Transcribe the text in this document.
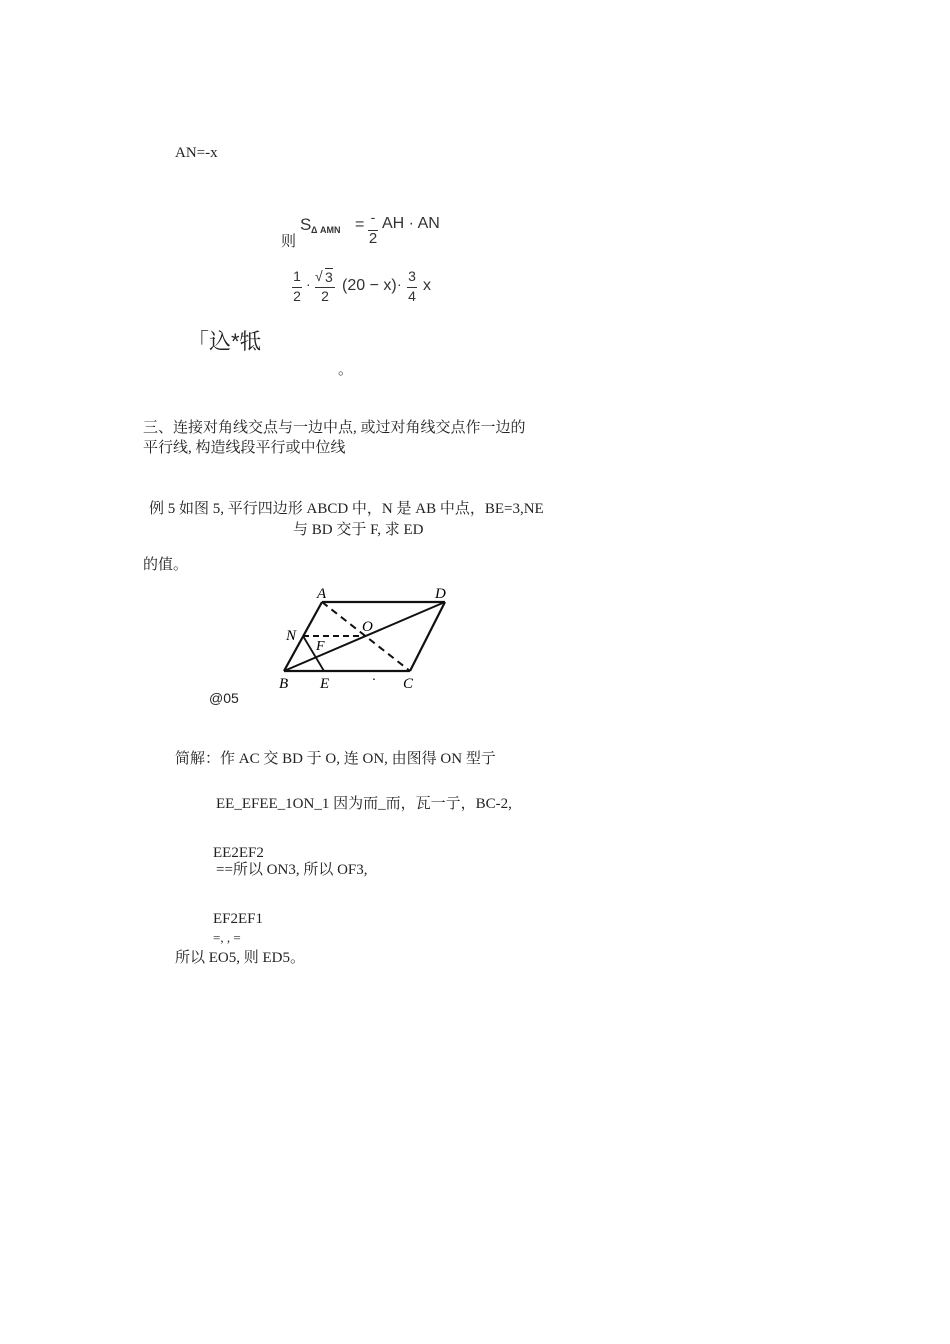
AN=-x
则
S Δ AMN = -
2
AH · AN
1
2
· √ 3
2
(20 − x) · 3
4
x
「込*牴
。
三、连接对角线交点与一边中点, 或过对角线交点作一边的
平行线, 构造线段平行或中位线
例 5 如图 5, 平行四边形 ABCD 中，N 是 AB 中点，BE=3,NE
与 BD 交于 F, 求 ED
的值。
A	D
N
O
F
B E	· C
@05
简解：作 AC 交 BD 于 O, 连 ON, 由图得 ON 型亍
EE_EFEE_1ON_1 因为而_而，瓦一亍，BC-2,
EE2EF2
==所以 ON3, 所以 OF3,
EF2EF1
=, , =
所以 EO5, 则 ED5。
